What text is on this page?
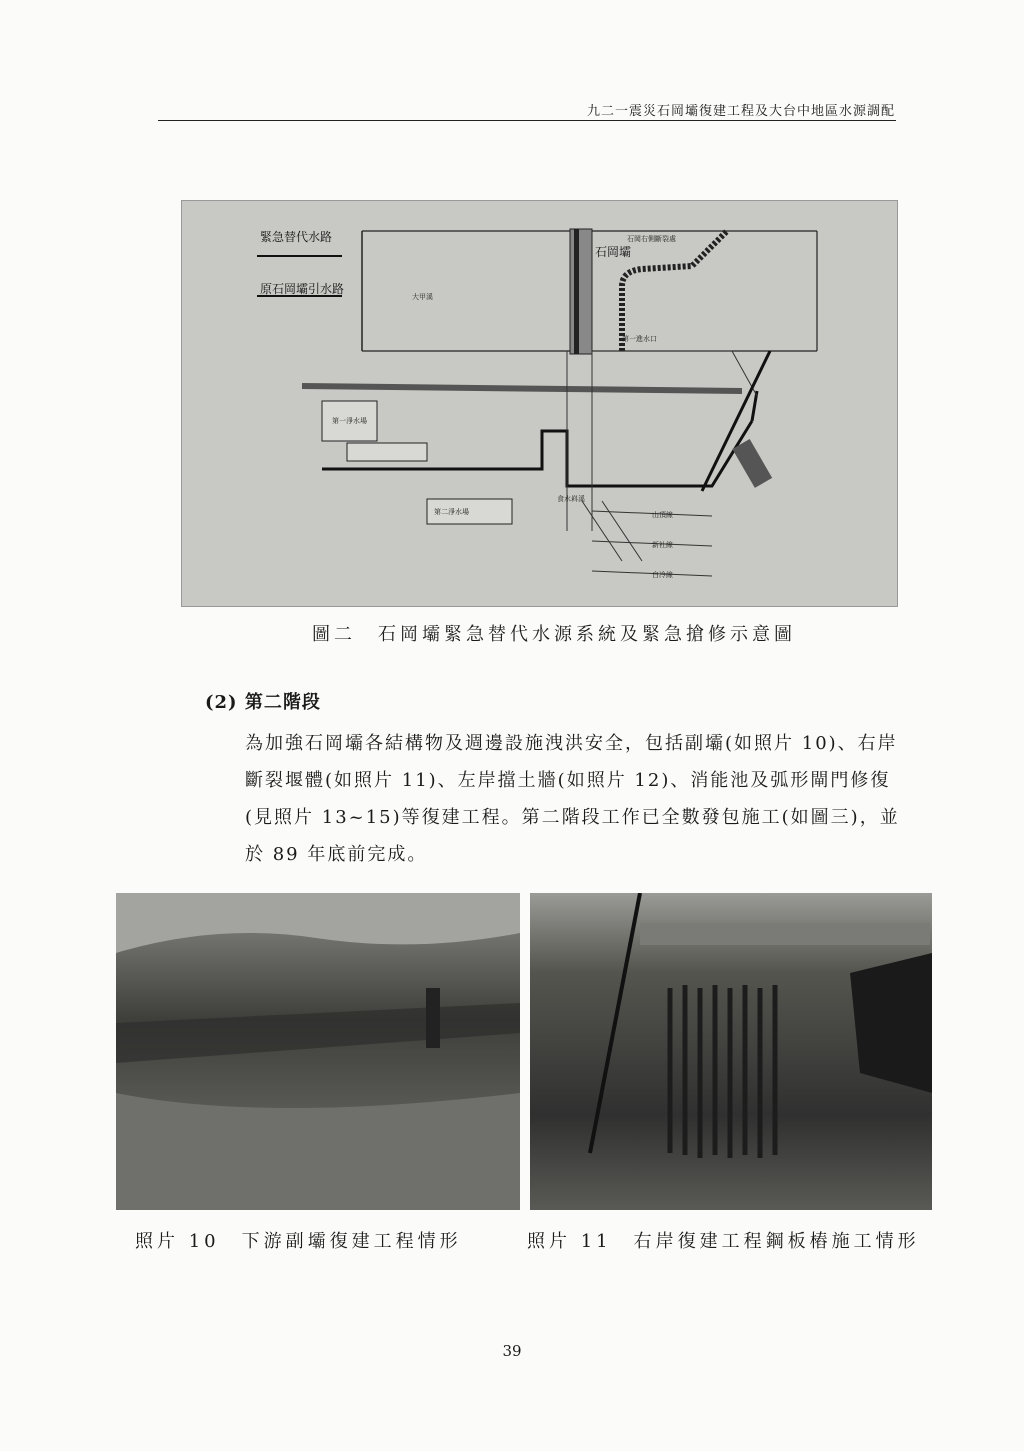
九二一震災石岡壩復建工程及大台中地區水源調配
緊急替代水路
原石岡壩引水路
大甲溪
石岡壩
第一進水口
石岡右側斷裂處
第一淨水場
第二淨水場
食水嵙溪
山頂線
新社線
白冷線
圖二　石岡壩緊急替代水源系統及緊急搶修示意圖
(2) 第二階段
為加強石岡壩各結構物及週邊設施洩洪安全，包括副壩(如照片 10)、右岸斷裂堰體(如照片 11)、左岸擋土牆(如照片 12)、消能池及弧形閘門修復(見照片 13~15)等復建工程。第二階段工作已全數發包施工(如圖三)，並於 89 年底前完成。
照片 10　下游副壩復建工程情形	照片 11　右岸復建工程鋼板樁施工情形
39
